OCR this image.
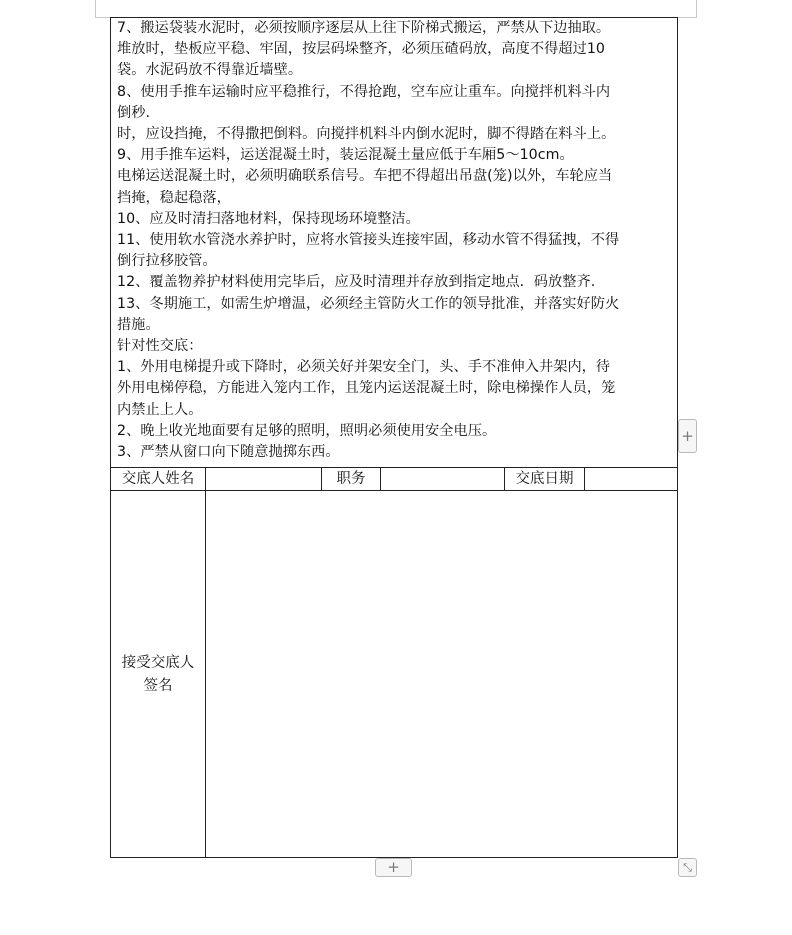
7、搬运袋装水泥时，必须按顺序逐层从上往下阶梯式搬运，严禁从下边抽取。
堆放时，垫板应平稳、牢固，按层码垛整齐，必须压碴码放，高度不得超过10
袋。水泥码放不得靠近墙壁。
8、使用手推车运输时应平稳推行，不得抢跑，空车应让重车。向搅拌机料斗内
倒秒.
时，应设挡掩，不得撒把倒料。向搅拌机料斗内倒水泥时，脚不得踏在料斗上。
9、用手推车运料，运送混凝土时，装运混凝土量应低于车厢5～10cm。
电梯运送混凝土时，必须明确联系信号。车把不得超出吊盘(笼)以外，车轮应当
挡掩，稳起稳落，
10、应及时清扫落地材料，保持现场环境整洁。
11、使用软水管浇水养护时，应将水管接头连接牢固，移动水管不得猛拽，不得
倒行拉移胶管。
12、覆盖物养护材料使用完毕后，应及时清理并存放到指定地点．码放整齐.
13、冬期施工，如需生炉增温，必须经主管防火工作的领导批准，并落实好防火
措施。
针对性交底：
1、外用电梯提升或下降时，必须关好并架安全门，头、手不准伸入井架内，待
外用电梯停稳，方能进入笼内工作，且笼内运送混凝土时，除电梯操作人员，笼
内禁止上人。
2、晚上收光地面要有足够的照明，照明必须使用安全电压。
3、严禁从窗口向下随意抛掷东西。
交底人姓名	职务	交底日期
接受交底人
签名
+
+	⤡
